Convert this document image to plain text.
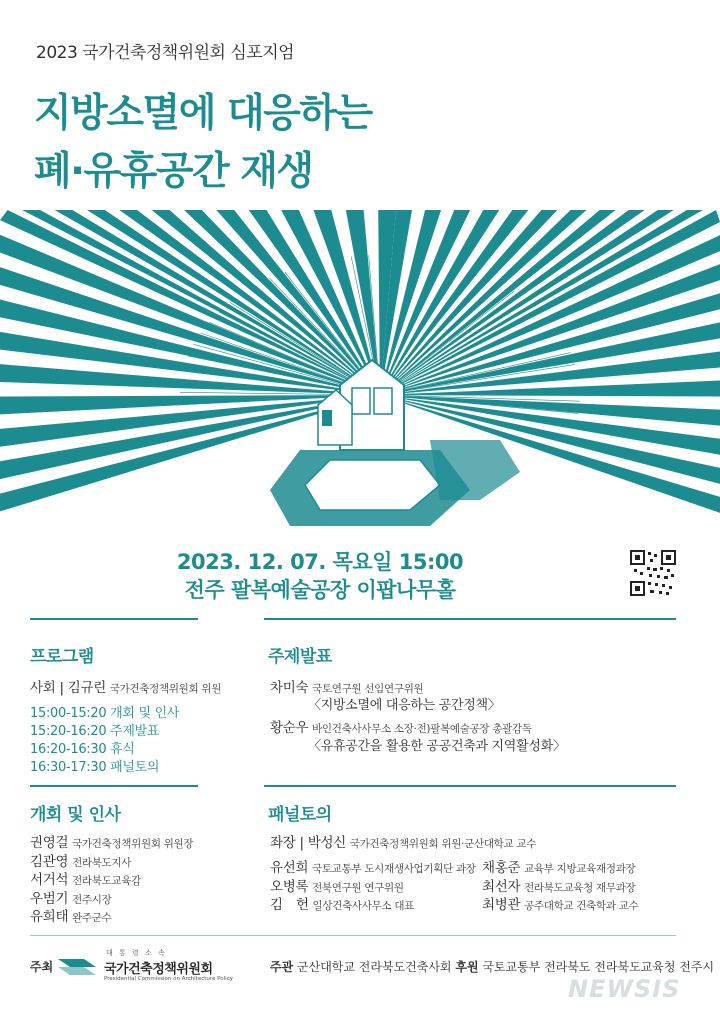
2023 국가건축정책위원회 심포지엄
지방소멸에 대응하는
폐·유휴공간 재생
2023. 12. 07. 목요일 15:00
전주 팔복예술공장 이팝나무홀
프로그램
사회 | 김규린 국가건축정책위원회 위원
15:00-15:20 개회 및 인사
15:20-16:20 주제발표
16:20-16:30 휴식
16:30-17:30 패널토의
주제발표
차미숙 국토연구원 선임연구위원
〈지방소멸에 대응하는 공간정책〉
황순우 바인건축사사무소 소장·전)팔복예술공장 총괄감독
〈유휴공간을 활용한 공공건축과 지역활성화〉
개회 및 인사
권영걸 국가건축정책위원회 위원장
김관영 전라북도지사
서거석 전라북도교육감
우범기 전주시장
유희태 완주군수
패널토의
좌장 | 박성신 국가건축정책위원회 위원·군산대학교 교수
유선희 국토교통부 도시재생사업기획단 과장
오병록 전북연구원 연구위원
김　헌 일상건축사사무소 대표
채홍준 교육부 지방교육재정과장
최선자 전라북도교육청 재무과장
최병관 공주대학교 건축학과 교수
주최
대 통 령 소 속
국가건축정책위원회
Presidential Commission on Architecture Policy
주관 군산대학교 전라북도건축사회 후원 국토교통부 전라북도 전라북도교육청 전주시
NEWSIS
